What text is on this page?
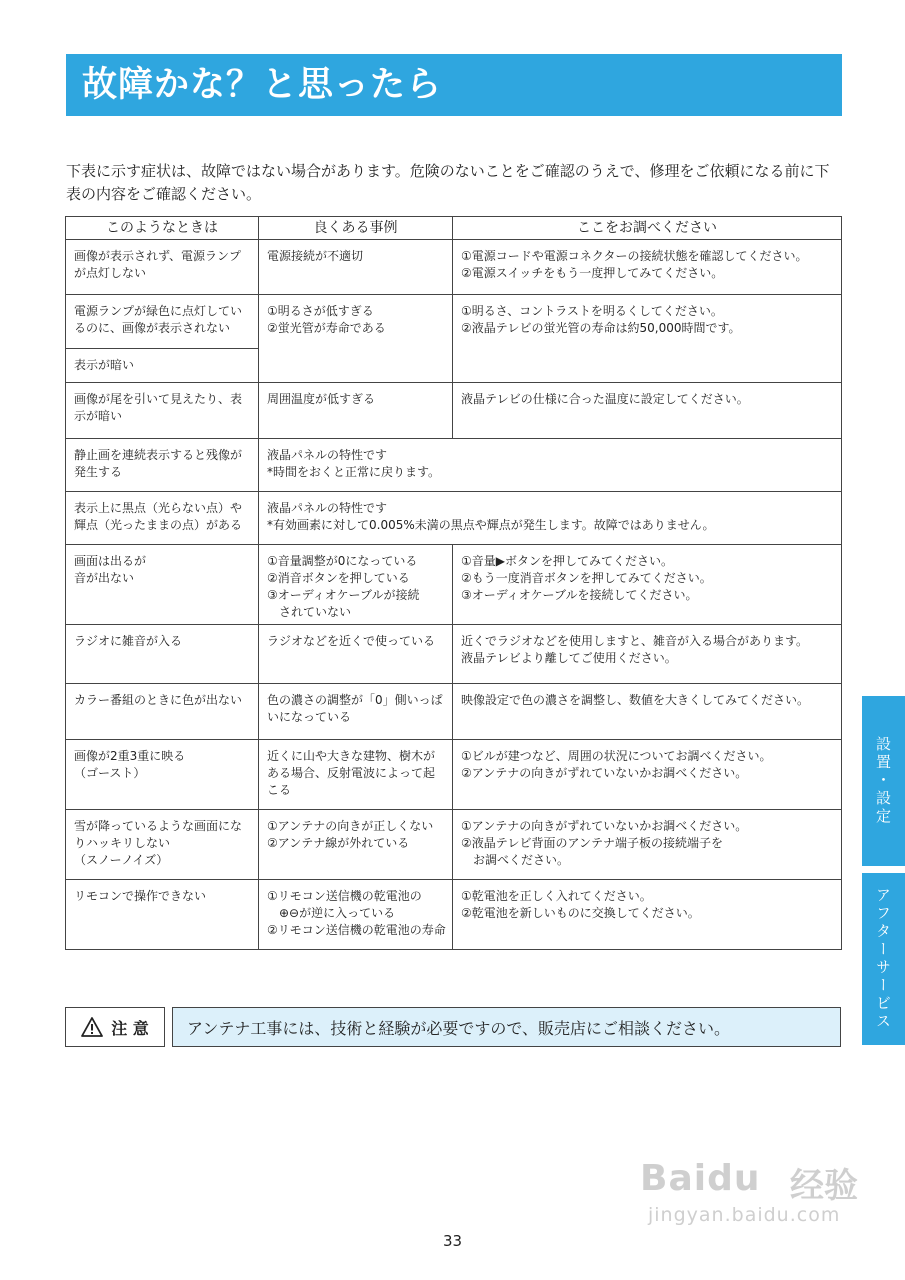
故障かな？と思ったら
下表に示す症状は、故障ではない場合があります。危険のないことをご確認のうえで、修理をご依頼になる前に下表の内容をご確認ください。
このようなときは	良くある事例	ここをお調べください

画像が表示されず、電源ランプが点灯しない	電源接続が不適切	①電源コードや電源コネクターの接続状態を確認してください。
②電源スイッチをもう一度押してみてください。

電源ランプが緑色に点灯しているのに、画像が表示されない	①明るさが低すぎる
②蛍光管が寿命である	①明るさ、コントラストを明るくしてください。
②液晶テレビの蛍光管の寿命は約50,000時間です。

表示が暗い		

画像が尾を引いて見えたり、表示が暗い	周囲温度が低すぎる	液晶テレビの仕様に合った温度に設定してください。

静止画を連続表示すると残像が発生する	液晶パネルの特性です
*時間をおくと正常に戻ります。	

表示上に黒点（光らない点）や輝点（光ったままの点）がある	液晶パネルの特性です
*有効画素に対して0.005%未満の黒点や輝点が発生します。故障ではありません。	

画面は出るが
音が出ない	①音量調整が0になっている
②消音ボタンを押している
③オーディオケーブルが接続
　されていない	①音量▶ボタンを押してみてください。
②もう一度消音ボタンを押してみてください。
③オーディオケーブルを接続してください。

ラジオに雑音が入る	ラジオなどを近くで使っている	近くでラジオなどを使用しますと、雑音が入る場合があります。
液晶テレビより離してご使用ください。

カラー番組のときに色が出ない	色の濃さの調整が「0」側いっぱいになっている	映像設定で色の濃さを調整し、数値を大きくしてみてください。

画像が2重3重に映る
（ゴースト）	近くに山や大きな建物、樹木がある場合、反射電波によって起こる	①ビルが建つなど、周囲の状況についてお調べください。
②アンテナの向きがずれていないかお調べください。

雪が降っているような画面になりハッキリしない
（スノーノイズ）	①アンテナの向きが正しくない
②アンテナ線が外れている	①アンテナの向きがずれていないかお調べください。
②液晶テレビ背面のアンテナ端子板の接続端子を
　お調べください。

リモコンで操作できない	①リモコン送信機の乾電池の
　⊕⊖が逆に入っている
②リモコン送信機の乾電池の寿命	①乾電池を正しく入れてください。
②乾電池を新しいものに交換してください。
注 意	アンテナ工事には、技術と経験が必要ですので、販売店にご相談ください。
設置・設定
アフターサービス
Baidu 经验
jingyan.baidu.com
33
